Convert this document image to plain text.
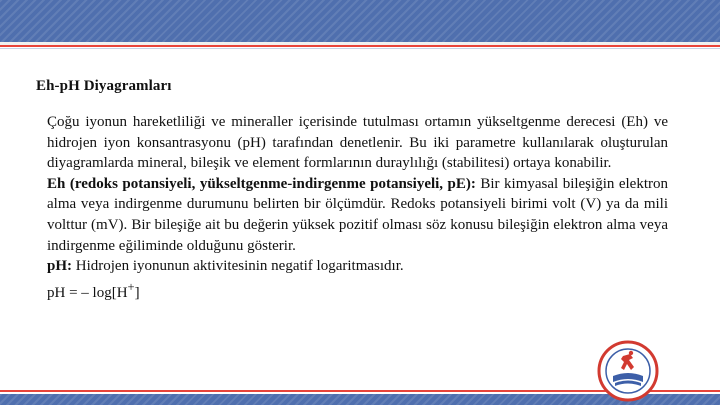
Eh-pH Diyagramları

Çoğu iyonun hareketliliği ve mineraller içerisinde tutulması ortamın yükseltgenme derecesi (Eh) ve hidrojen iyon konsantrasyonu (pH) tarafından denetlenir. Bu iki parametre kullanılarak oluşturulan diyagramlarda mineral, bileşik ve element formlarının duraylılığı (stabilitesi) ortaya konabilir.

Eh (redoks potansiyeli, yükseltgenme-indirgenme potansiyeli, pE): Bir kimyasal bileşiğin elektron alma veya indirgenme durumunu belirten bir ölçümdür. Redoks potansiyeli birimi volt (V) ya da mili volttur (mV). Bir bileşiğe ait bu değerin yüksek pozitif olması söz konusu bileşiğin elektron alma veya indirgenme eğiliminde olduğunu gösterir.

pH: Hidrojen iyonunun aktivitesinin negatif logaritmasıdır.

pH = – log[H+]
